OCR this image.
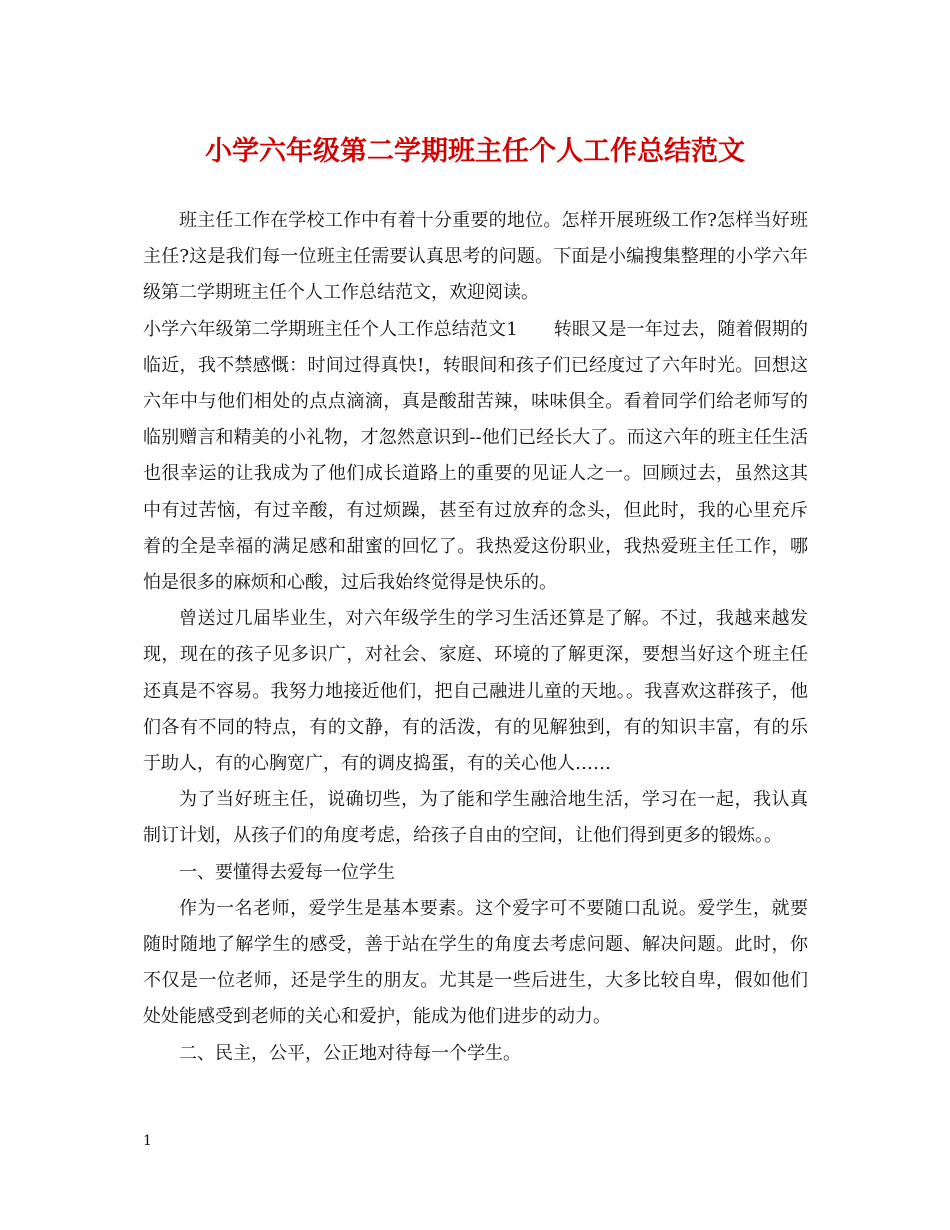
小学六年级第二学期班主任个人工作总结范文

班主任工作在学校工作中有着十分重要的地位。怎样开展班级工作?怎样当好班主任?这是我们每一位班主任需要认真思考的问题。下面是小编搜集整理的小学六年级第二学期班主任个人工作总结范文，欢迎阅读。

小学六年级第二学期班主任个人工作总结范文1 转眼又是一年过去，随着假期的临近，我不禁感慨：时间过得真快!，转眼间和孩子们已经度过了六年时光。回想这六年中与他们相处的点点滴滴，真是酸甜苦辣，味味俱全。看着同学们给老师写的临别赠言和精美的小礼物，才忽然意识到--他们已经长大了。而这六年的班主任生活也很幸运的让我成为了他们成长道路上的重要的见证人之一。回顾过去，虽然这其中有过苦恼，有过辛酸，有过烦躁，甚至有过放弃的念头，但此时，我的心里充斥着的全是幸福的满足感和甜蜜的回忆了。我热爱这份职业，我热爱班主任工作，哪怕是很多的麻烦和心酸，过后我始终觉得是快乐的。

曾送过几届毕业生，对六年级学生的学习生活还算是了解。不过，我越来越发现，现在的孩子见多识广，对社会、家庭、环境的了解更深，要想当好这个班主任还真是不容易。我努力地接近他们，把自己融进儿童的天地。。我喜欢这群孩子，他们各有不同的特点，有的文静，有的活泼，有的见解独到，有的知识丰富，有的乐于助人，有的心胸宽广，有的调皮捣蛋，有的关心他人……

为了当好班主任，说确切些，为了能和学生融洽地生活，学习在一起，我认真制订计划，从孩子们的角度考虑，给孩子自由的空间，让他们得到更多的锻炼。。

一、要懂得去爱每一位学生

作为一名老师，爱学生是基本要素。这个爱字可不要随口乱说。爱学生，就要随时随地了解学生的感受，善于站在学生的角度去考虑问题、解决问题。此时，你不仅是一位老师，还是学生的朋友。尤其是一些后进生，大多比较自卑，假如他们处处能感受到老师的关心和爱护，能成为他们进步的动力。

二、民主，公平，公正地对待每一个学生。

1
